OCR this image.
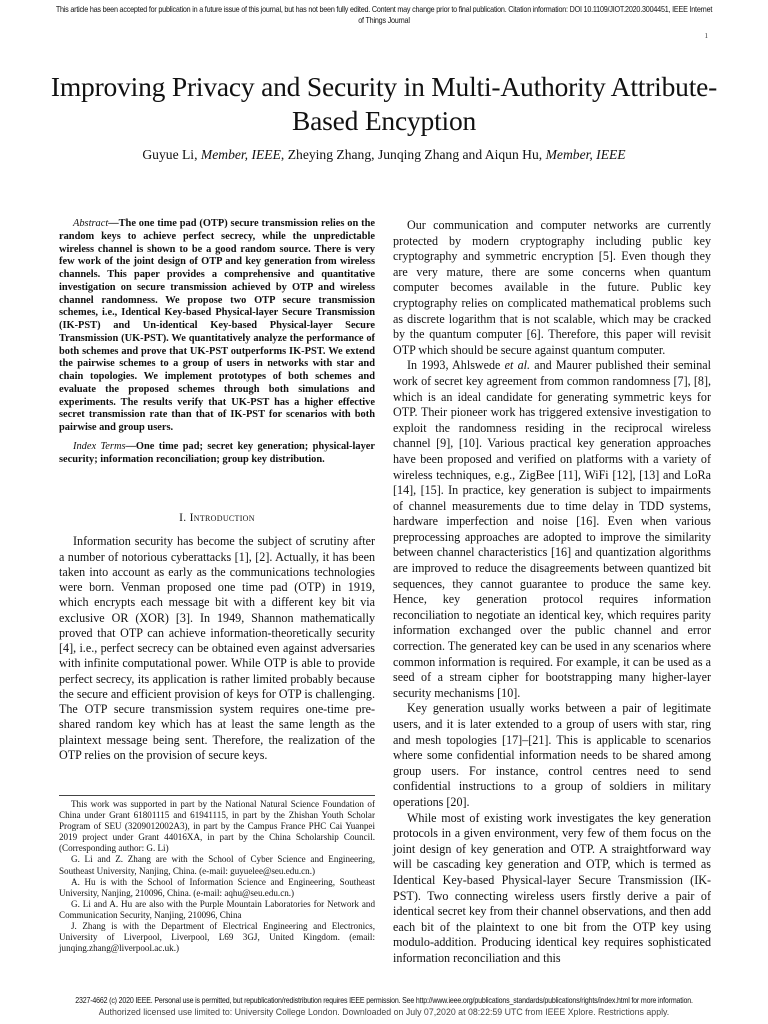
This article has been accepted for publication in a future issue of this journal, but has not been fully edited. Content may change prior to final publication. Citation information: DOI 10.1109/JIOT.2020.3004451, IEEE Internet of Things Journal
1
Improving Privacy and Security in Multi-Authority Attribute-Based Encyption
Guyue Li, Member, IEEE, Zheying Zhang, Junqing Zhang and Aiqun Hu, Member, IEEE

Abstract—The one time pad (OTP) secure transmission relies on the random keys to achieve perfect secrecy, while the unpredictable wireless channel is shown to be a good random source. There is very few work of the joint design of OTP and key generation from wireless channels. This paper provides a comprehensive and quantitative investigation on secure transmission achieved by OTP and wireless channel randomness. We propose two OTP secure transmission schemes, i.e., Identical Key-based Physical-layer Secure Transmission (IK-PST) and Un-identical Key-based Physical-layer Secure Transmission (UK-PST). We quantitatively analyze the performance of both schemes and prove that UK-PST outperforms IK-PST. We extend the pairwise schemes to a group of users in networks with star and chain topologies. We implement prototypes of both schemes and evaluate the proposed schemes through both simulations and experiments. The results verify that UK-PST has a higher effective secret transmission rate than that of IK-PST for scenarios with both pairwise and group users.

Index Terms—One time pad; secret key generation; physical-layer security; information reconciliation; group key distribution.

I. Introduction

Information security has become the subject of scrutiny after a number of notorious cyberattacks [1], [2]. Actually, it has been taken into account as early as the communications technologies were born. Venman proposed one time pad (OTP) in 1919, which encrypts each message bit with a different key bit via exclusive OR (XOR) [3]. In 1949, Shannon mathematically proved that OTP can achieve information-theoretically security [4], i.e., perfect secrecy can be obtained even against adversaries with infinite computational power. While OTP is able to provide perfect secrecy, its application is rather limited probably because the secure and efficient provision of keys for OTP is challenging. The OTP secure transmission system requires one-time pre-shared random key which has at least the same length as the plaintext message being sent. Therefore, the realization of the OTP relies on the provision of secure keys.

This work was supported in part by the National Natural Science Foundation of China under Grant 61801115 and 61941115, in part by the Zhishan Youth Scholar Program of SEU (3209012002A3), in part by the Campus France PHC Cai Yuanpei 2019 project under Grant 44016XA, in part by the China Scholarship Council. (Corresponding author: G. Li)

G. Li and Z. Zhang are with the School of Cyber Science and Engineering, Southeast University, Nanjing, China. (e-mail: guyuelee@seu.edu.cn.)

A. Hu is with the School of Information Science and Engineering, Southeast University, Nanjing, 210096, China. (e-mail: aqhu@seu.edu.cn.)

G. Li and A. Hu are also with the Purple Mountain Laboratories for Network and Communication Security, Nanjing, 210096, China

J. Zhang is with the Department of Electrical Engineering and Electronics, University of Liverpool, Liverpool, L69 3GJ, United Kingdom. (email: junqing.zhang@liverpool.ac.uk.)

Our communication and computer networks are currently protected by modern cryptography including public key cryptography and symmetric encryption [5]. Even though they are very mature, there are some concerns when quantum computer becomes available in the future. Public key cryptography relies on complicated mathematical problems such as discrete logarithm that is not scalable, which may be cracked by the quantum computer [6]. Therefore, this paper will revisit OTP which should be secure against quantum computer.

In 1993, Ahlswede et al. and Maurer published their seminal work of secret key agreement from common randomness [7], [8], which is an ideal candidate for generating symmetric keys for OTP. Their pioneer work has triggered extensive investigation to exploit the randomness residing in the reciprocal wireless channel [9], [10]. Various practical key generation approaches have been proposed and verified on platforms with a variety of wireless techniques, e.g., ZigBee [11], WiFi [12], [13] and LoRa [14], [15]. In practice, key generation is subject to impairments of channel measurements due to time delay in TDD systems, hardware imperfection and noise [16]. Even when various preprocessing approaches are adopted to improve the similarity between channel characteristics [16] and quantization algorithms are improved to reduce the disagreements between quantized bit sequences, they cannot guarantee to produce the same key. Hence, key generation protocol requires information reconciliation to negotiate an identical key, which requires parity information exchanged over the public channel and error correction. The generated key can be used in any scenarios where common information is required. For example, it can be used as a seed of a stream cipher for bootstrapping many higher-layer security mechanisms [10].

Key generation usually works between a pair of legitimate users, and it is later extended to a group of users with star, ring and mesh topologies [17]–[21]. This is applicable to scenarios where some confidential information needs to be shared among group users. For instance, control centres need to send confidential instructions to a group of soldiers in military operations [20].

While most of existing work investigates the key generation protocols in a given environment, very few of them focus on the joint design of key generation and OTP. A straightforward way will be cascading key generation and OTP, which is termed as Identical Key-based Physical-layer Secure Transmission (IK-PST). Two connecting wireless users firstly derive a pair of identical secret key from their channel observations, and then add each bit of the plaintext to one bit from the OTP key using modulo-addition. Producing identical key requires sophisticated information reconciliation and this

2327-4662 (c) 2020 IEEE. Personal use is permitted, but republication/redistribution requires IEEE permission. See http://www.ieee.org/publications_standards/publications/rights/index.html for more information.
Authorized licensed use limited to: University College London. Downloaded on July 07,2020 at 08:22:59 UTC from IEEE Xplore. Restrictions apply.
